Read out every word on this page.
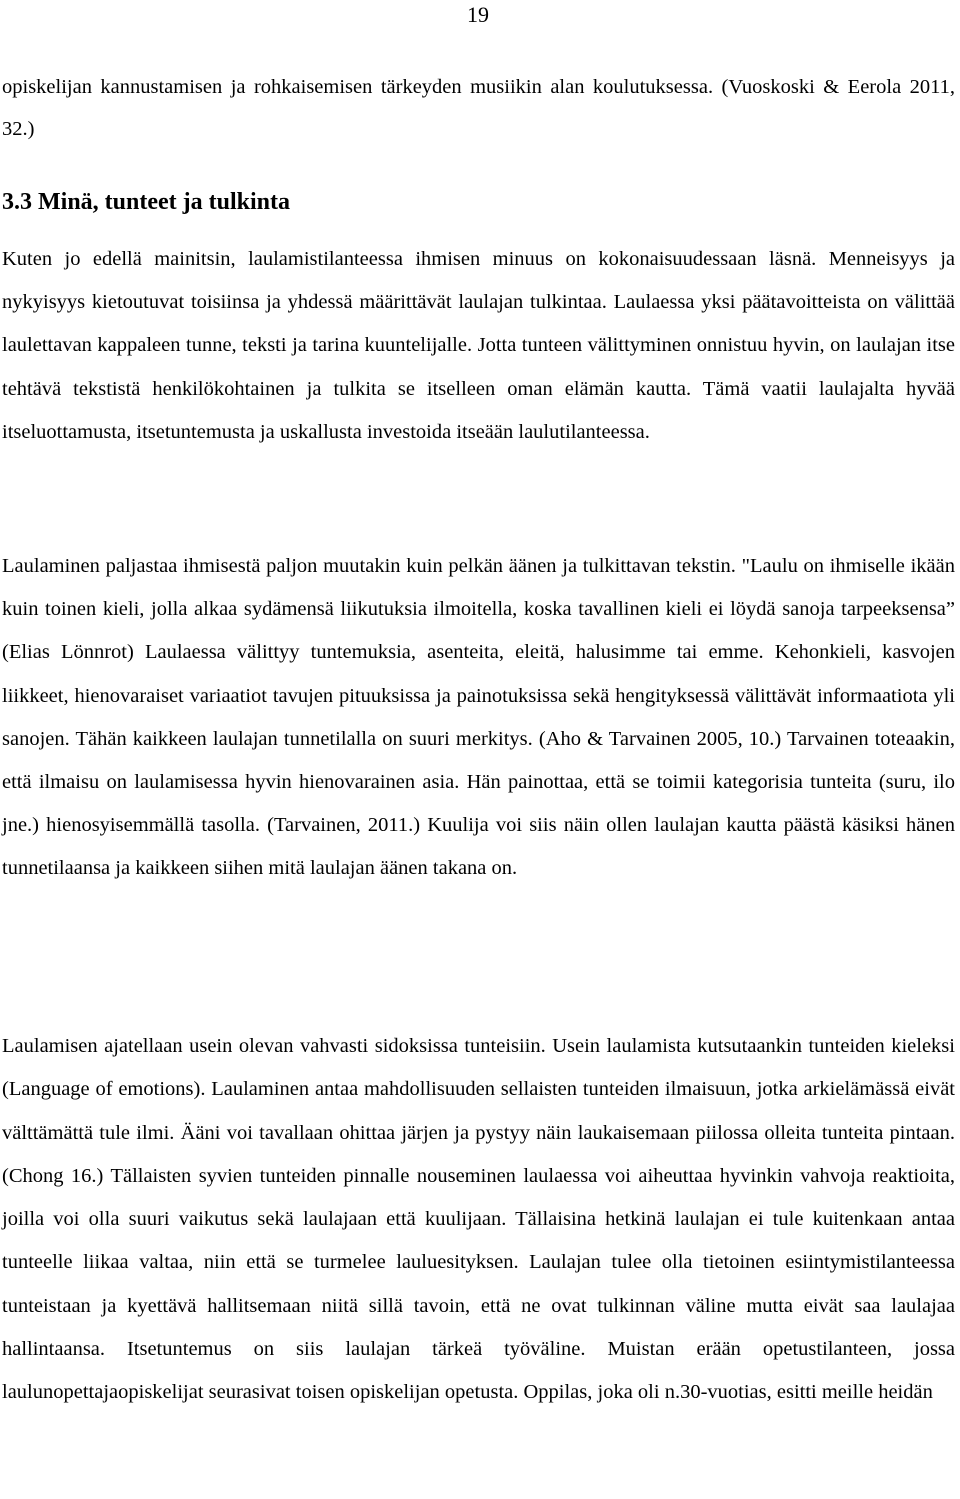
19

opiskelijan kannustamisen ja rohkaisemisen tärkeyden musiikin alan koulutuksessa. (Vuoskoski & Eerola 2011, 32.)

3.3 Minä, tunteet ja tulkinta

Kuten jo edellä mainitsin, laulamistilanteessa ihmisen minuus on kokonaisuudessaan läsnä. Menneisyys ja nykyisyys kietoutuvat toisiinsa ja yhdessä määrittävät laulajan tulkintaa. Laulaessa yksi päätavoitteista on välittää laulettavan kappaleen tunne, teksti ja tarina kuuntelijalle. Jotta tunteen välittyminen onnistuu hyvin, on laulajan itse tehtävä tekstistä henkilökohtainen ja tulkita se itselleen oman elämän kautta. Tämä vaatii laulajalta hyvää itseluottamusta, itsetuntemusta ja uskallusta investoida itseään laulutilanteessa.

Laulaminen paljastaa ihmisestä paljon muutakin kuin pelkän äänen ja tulkittavan tekstin. "Laulu on ihmiselle ikään kuin toinen kieli, jolla alkaa sydämensä liikutuksia ilmoitella, koska tavallinen kieli ei löydä sanoja tarpeeksensa” (Elias Lönnrot) Laulaessa välittyy tuntemuksia, asenteita, eleitä, halusimme tai emme. Kehonkieli, kasvojen liikkeet, hienovaraiset variaatiot tavujen pituuksissa ja painotuksissa sekä hengityksessä välittävät informaatiota yli sanojen. Tähän kaikkeen laulajan tunnetilalla on suuri merkitys. (Aho & Tarvainen 2005, 10.) Tarvainen toteaakin, että ilmaisu on laulamisessa hyvin hienovarainen asia. Hän painottaa, että se toimii kategorisia tunteita (suru, ilo jne.) hienosyisemmällä tasolla. (Tarvainen, 2011.) Kuulija voi siis näin ollen laulajan kautta päästä käsiksi hänen tunnetilaansa ja kaikkeen siihen mitä laulajan äänen takana on.

Laulamisen ajatellaan usein olevan vahvasti sidoksissa tunteisiin. Usein laulamista kutsutaankin tunteiden kieleksi (Language of emotions). Laulaminen antaa mahdollisuuden sellaisten tunteiden ilmaisuun, jotka arkielämässä eivät välttämättä tule ilmi. Ääni voi tavallaan ohittaa järjen ja pystyy näin laukaisemaan piilossa olleita tunteita pintaan. (Chong 16.) Tällaisten syvien tunteiden pinnalle nouseminen laulaessa voi aiheuttaa hyvinkin vahvoja reaktioita, joilla voi olla suuri vaikutus sekä laulajaan että kuulijaan. Tällaisina hetkinä laulajan ei tule kuitenkaan antaa tunteelle liikaa valtaa, niin että se turmelee lauluesityksen. Laulajan tulee olla tietoinen esiintymistilanteessa tunteistaan ja kyettävä hallitsemaan niitä sillä tavoin, että ne ovat tulkinnan väline mutta eivät saa laulajaa hallintaansa. Itsetuntemus on siis laulajan tärkeä työväline. Muistan erään opetustilanteen, jossa laulunopettajaopiskelijat seurasivat toisen opiskelijan opetusta. Oppilas, joka oli n.30-vuotias, esitti meille heidän
